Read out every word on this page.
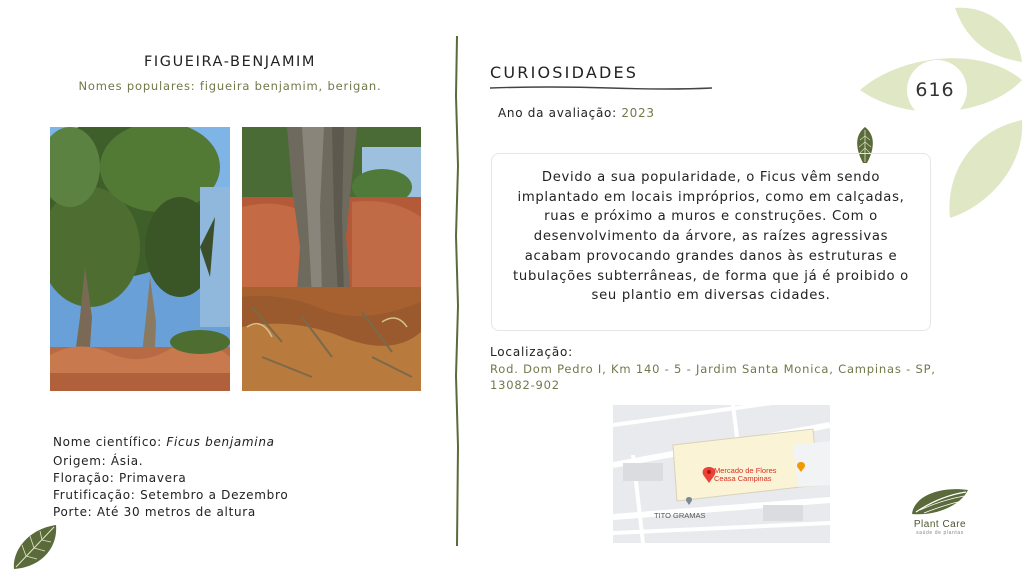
FIGUEIRA-BENJAMIM
Nomes populares: figueira benjamim, berigan.
Nome científico: Ficus benjamina
Origem: Ásia.
Floração: Primavera
Frutificação: Setembro a Dezembro
Porte: Até 30 metros de altura
CURIOSIDADES
Ano da avaliação: 2023
Devido a sua popularidade, o Ficus vêm sendo implantado em locais impróprios, como em calçadas, ruas e próximo a muros e construções. Com o desenvolvimento da árvore, as raízes agressivas acabam provocando grandes danos às estruturas e tubulações subterrâneas, de forma que já é proibido o seu plantio em diversas cidades.
Localização:
Rod. Dom Pedro I, Km 140 - 5 - Jardim Santa Monica, Campinas - SP, 13082-902
Mercado de Flores
Ceasa Campinas
TITO GRAMAS
616
Plant Care
saúde de plantas
